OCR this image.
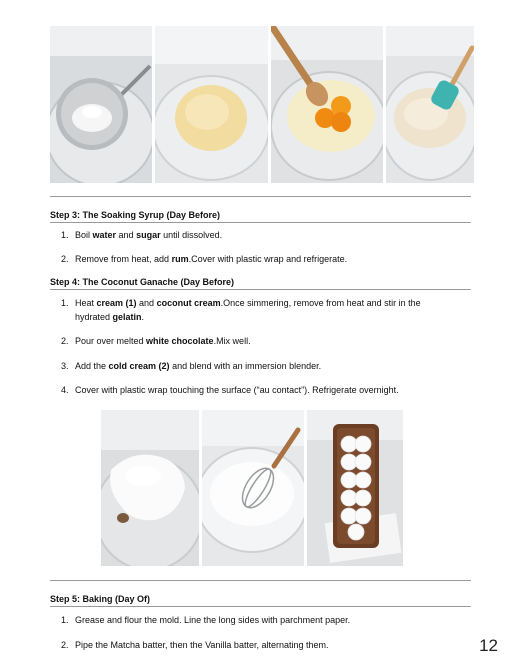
Step 3: The Soaking Syrup (Day Before)
1. Boil water and sugar until dissolved.
2. Remove from heat, add rum.Cover with plastic wrap and refrigerate.
Step 4: The Coconut Ganache (Day Before)
1. Heat cream (1) and coconut cream.Once simmering, remove from heat and stir in the
hydrated gelatin.
2. Pour over melted white chocolate.Mix well.
3. Add the cold cream (2) and blend with an immersion blender.
4. Cover with plastic wrap touching the surface (“au contact”). Refrigerate overnight.
Step 5: Baking (Day Of)
1. Grease and flour the mold. Line the long sides with parchment paper.
2. Pipe the Matcha batter, then the Vanilla batter, alternating them.	12
